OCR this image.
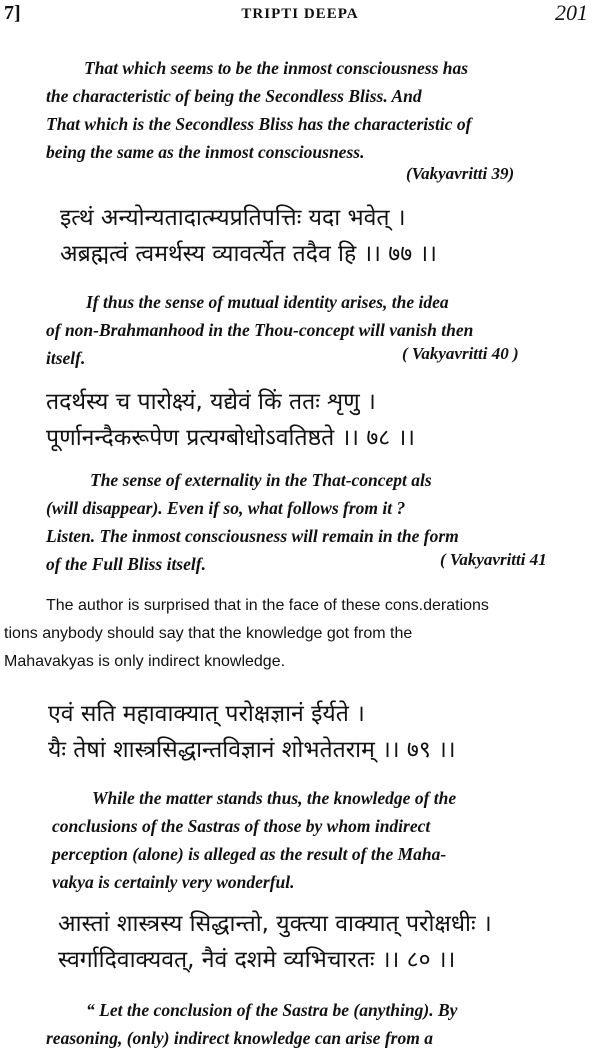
7]	TRIPTI DEEPA	201
That which seems to be the inmost consciousness has
the characteristic of being the Secondless Bliss. And
That which is the Secondless Bliss has the characteristic of
being the same as the inmost consciousness.
(Vakyavritti 39)
इत्थं अन्योन्यतादात्म्यप्रतिपत्तिः यदा भवेत् ।
अब्रह्मत्वं त्वमर्थस्य व्यावर्त्येत तदैव हि ।। ७७ ।।
If thus the sense of mutual identity arises, the idea
of non-Brahmanhood in the Thou-concept will vanish then
itself.	( Vakyavritti 40 )
तदर्थस्य च पारोक्ष्यं, यद्येवं किं ततः शृणु ।
पूर्णानन्दैकरूपेण प्रत्यग्बोधोऽवतिष्ठते ।। ७८ ।।
The sense of externality in the That-concept als
(will disappear). Even if so, what follows from it ?
Listen. The inmost consciousness will remain in the form
of the Full Bliss itself.	( Vakyavritti 41
The author is surprised that in the face of these cons.derations
tions anybody should say that the knowledge got from the
Mahavakyas is only indirect knowledge.
एवं सति महावाक्यात् परोक्षज्ञानं ईर्यते ।
यैः तेषां शास्त्रसिद्धान्तविज्ञानं शोभतेतराम् ।। ७९ ।।
While the matter stands thus, the knowledge of the
conclusions of the Sastras of those by whom indirect
perception (alone) is alleged as the result of the Maha-
vakya is certainly very wonderful.
आस्तां शास्त्रस्य सिद्धान्तो, युक्त्या वाक्यात् परोक्षधीः ।
स्वर्गादिवाक्यवत्, नैवं दशमे व्यभिचारतः ।। ८० ।।
“ Let the conclusion of the Sastra be (anything). By
reasoning, (only) indirect knowledge can arise from a
